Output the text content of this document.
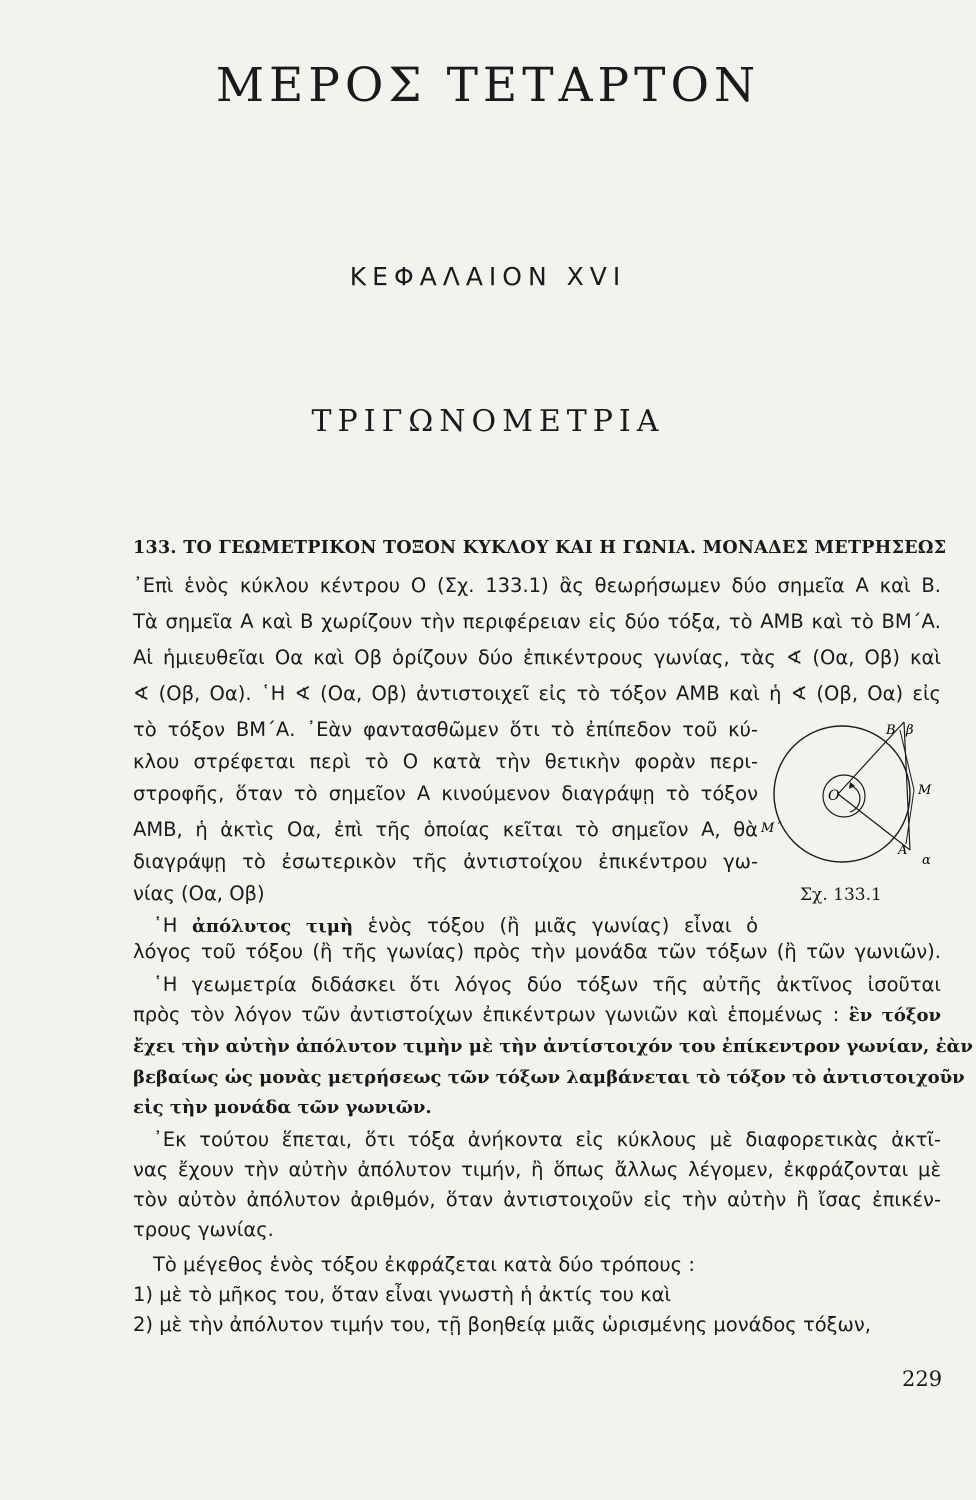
ΜΕΡΟΣ ΤΕΤΑΡΤΟΝ
ΚΕΦΑΛΑΙΟΝ XVI
ΤΡΙΓΩΝΟΜΕΤΡΙΑ
133. ΤΟ ΓΕΩΜΕΤΡΙΚΟΝ ΤΟΞΟΝ ΚΥΚΛΟΥ ΚΑΙ Η ΓΩΝΙΑ. ΜΟΝΑΔΕΣ ΜΕΤΡΗΣΕΩΣ
᾿Επὶ ἑνὸς κύκλου κέντρου Ο (Σχ. 133.1) ἂς θεωρήσωμεν δύο σημεῖα Α καὶ Β.
Τὰ σημεῖα Α καὶ Β χωρίζουν τὴν περιφέρειαν εἰς δύο τόξα, τὸ ΑΜΒ καὶ τὸ ΒΜ΄Α.
Αἱ ἡμιευθεῖαι Οα καὶ Οβ ὁρίζουν δύο ἐπικέντρους γωνίας, τὰς ∢ (Οα, Οβ) καὶ
∢ (Οβ, Οα). ῾Η ∢ (Οα, Οβ) ἀντιστοιχεῖ εἰς τὸ τόξον ΑΜΒ καὶ ἡ ∢ (Οβ, Οα) εἰς
τὸ τόξον ΒΜ΄Α. ᾿Εὰν φαντασθῶμεν ὅτι τὸ ἐπίπεδον τοῦ κύ-
κλου στρέφεται περὶ τὸ Ο κατὰ τὴν θετικὴν φορὰν περι-
στροφῆς, ὅταν τὸ σημεῖον Α κινούμενον διαγράψῃ τὸ τόξον
ΑΜΒ, ἡ ἀκτὶς Οα, ἐπὶ τῆς ὁποίας κεῖται τὸ σημεῖον Α, θὰ
διαγράψῃ τὸ ἐσωτερικὸν τῆς ἀντιστοίχου ἐπικέντρου γω-
νίας (Οα, Οβ)
Ο
Β β
Μ
Μ΄
Α
α
Σχ. 133.1
῾Η ἀπόλυτος τιμὴ ἑνὸς τόξου (ἢ μιᾶς γωνίας) εἶναι ὁ
λόγος τοῦ τόξου (ἢ τῆς γωνίας) πρὸς τὴν μονάδα τῶν τόξων (ἢ τῶν γωνιῶν).
῾Η γεωμετρία διδάσκει ὅτι λόγος δύο τόξων τῆς αὐτῆς ἀκτῖνος ἰσοῦται
πρὸς τὸν λόγον τῶν ἀντιστοίχων ἐπικέντρων γωνιῶν καὶ ἑπομένως : ἓν τόξον
ἔχει τὴν αὐτὴν ἀπόλυτον τιμὴν μὲ τὴν ἀντίστοιχόν του ἐπίκεντρον γωνίαν, ἐὰν
βεβαίως ὡς μονὰς μετρήσεως τῶν τόξων λαμβάνεται τὸ τόξον τὸ ἀντιστοιχοῦν
εἰς τὴν μονάδα τῶν γωνιῶν.
᾿Εκ τούτου ἕπεται, ὅτι τόξα ἀνήκοντα εἰς κύκλους μὲ διαφορετικὰς ἀκτῖ-
νας ἔχουν τὴν αὐτὴν ἀπόλυτον τιμήν, ἢ ὅπως ἄλλως λέγομεν, ἐκφράζονται μὲ
τὸν αὐτὸν ἀπόλυτον ἀριθμόν, ὅταν ἀντιστοιχοῦν εἰς τὴν αὐτὴν ἢ ἴσας ἐπικέν-
τρους γωνίας.
Τὸ μέγεθος ἑνὸς τόξου ἐκφράζεται κατὰ δύο τρόπους :
1) μὲ τὸ μῆκος του, ὅταν εἶναι γνωστὴ ἡ ἀκτίς του καὶ
2) μὲ τὴν ἀπόλυτον τιμήν του, τῇ βοηθείᾳ μιᾶς ὡρισμένης μονάδος τόξων,
229
